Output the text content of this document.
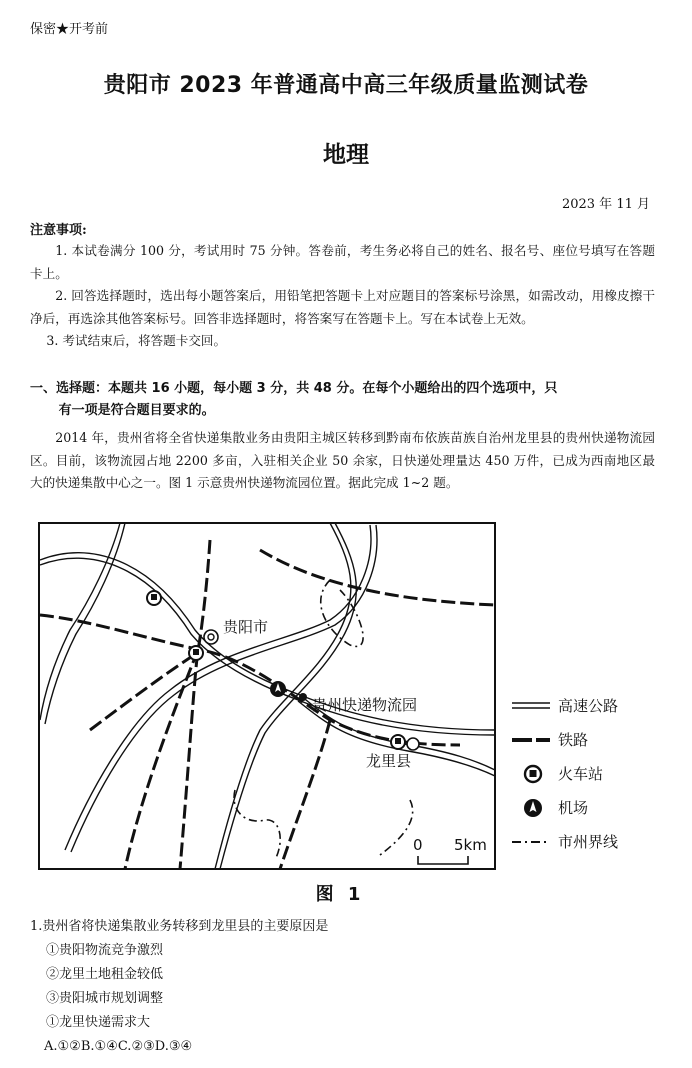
保密★开考前
贵阳市 2023 年普通高中高三年级质量监测试卷
地理
2023 年 11 月
注意事项:

1. 本试卷满分 100 分，考试用时 75 分钟。答卷前，考生务必将自己的姓名、报名号、座位号填写在答题卡上。

2. 回答选择题时，选出每小题答案后，用铅笔把答题卡上对应题目的答案标号涂黑，如需改动，用橡皮擦干净后，再选涂其他答案标号。回答非选择题时，将答案写在答题卡上。写在本试卷上无效。

3. 考试结束后，将答题卡交回。

一、选择题：本题共 16 小题，每小题 3 分，共 48 分。在每个小题给出的四个选项中，只
有一项是符合题目要求的。

2014 年，贵州省将全省快递集散业务由贵阳主城区转移到黔南布依族苗族自治州龙里县的贵州快递物流园区。目前，该物流园占地 2200 多亩，入驻相关企业 50 余家，日快递处理量达 450 万件，已成为西南地区最大的快递集散中心之一。图 1 示意贵州快递物流园位置。据此完成 1~2 题。

贵阳市
贵州快递物流园
龙里县
0 5km
高速公路
铁路
火车站
机场
市州界线
图 1
1.贵州省将快递集散业务转移到龙里县的主要原因是
①贵阳物流竞争激烈
②龙里土地租金较低
③贵阳城市规划调整
①龙里快递需求大
A.①②B.①④C.②③D.③④
